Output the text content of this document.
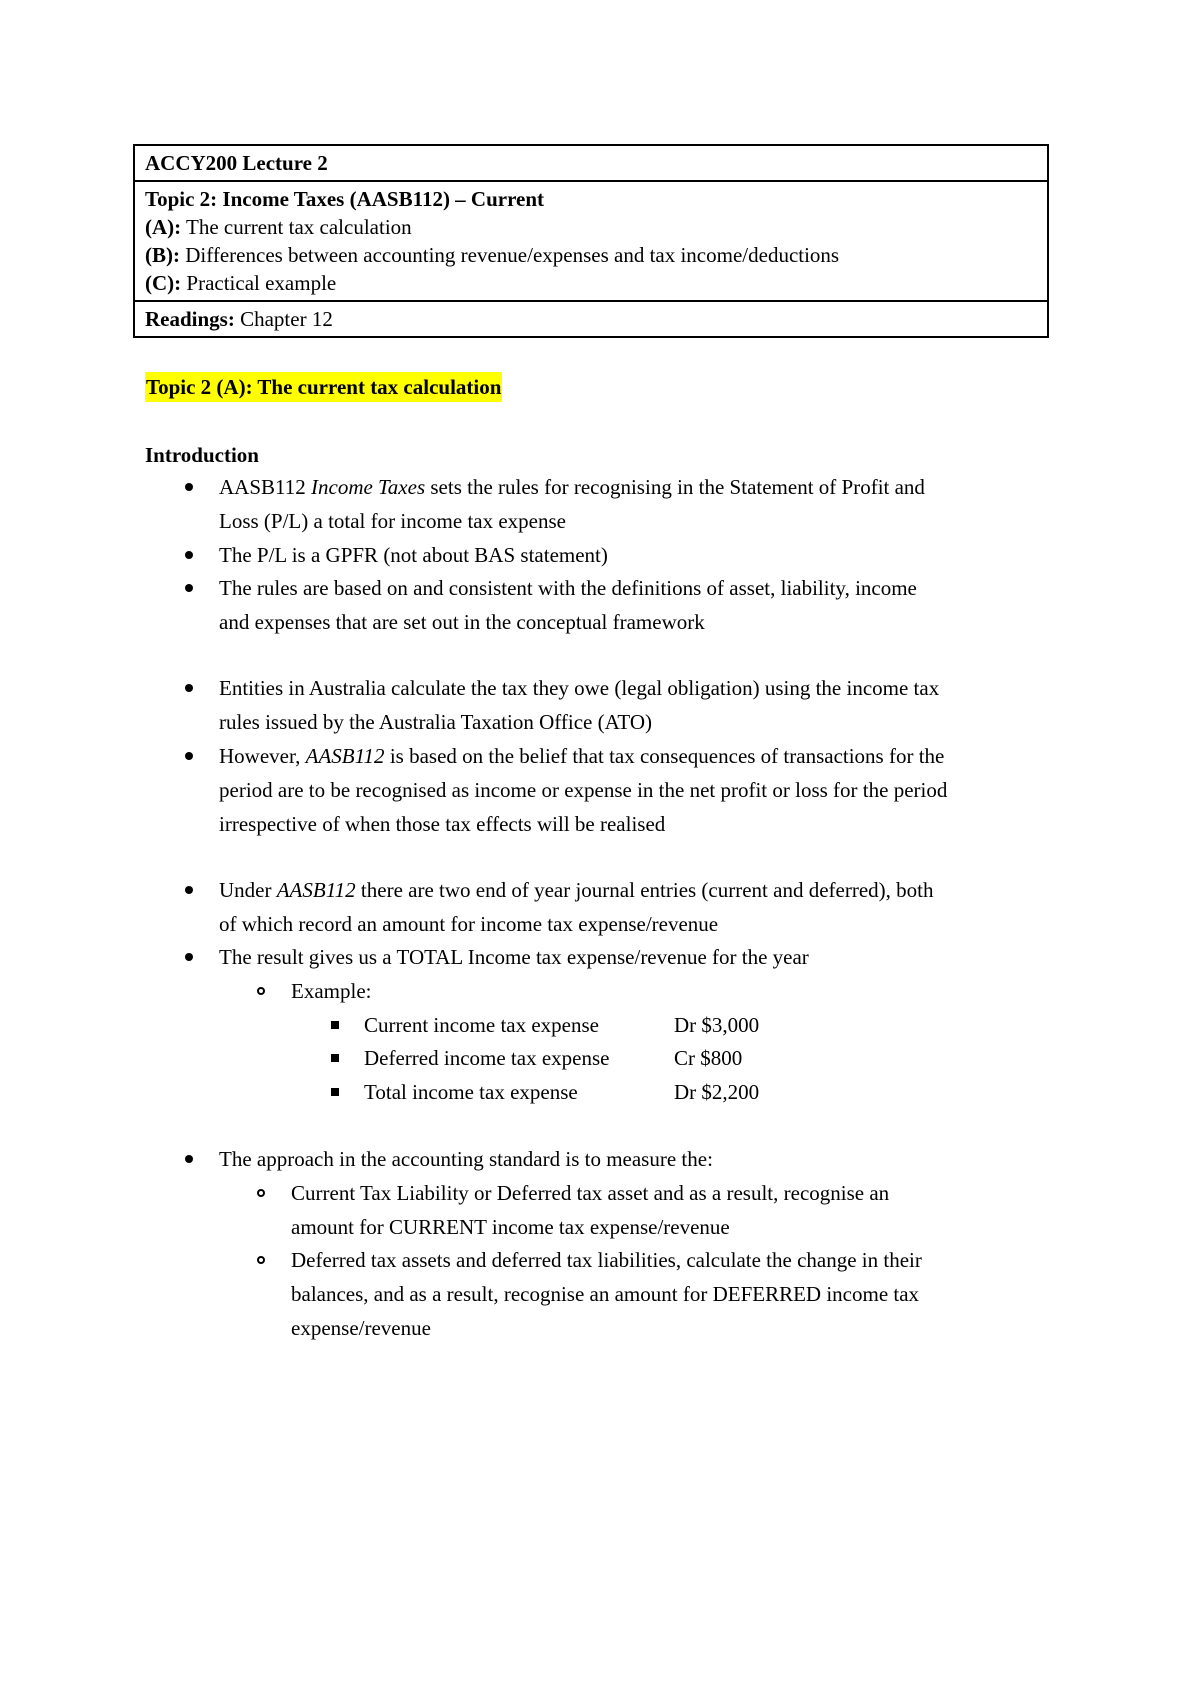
ACCY200 Lecture 2
Topic 2: Income Taxes (AASB112) – Current
(A): The current tax calculation
(B): Differences between accounting revenue/expenses and tax income/deductions
(C): Practical example
Readings: Chapter 12
Topic 2 (A): The current tax calculation
Introduction
AASB112 Income Taxes sets the rules for recognising in the Statement of Profit and
Loss (P/L) a total for income tax expense
The P/L is a GPFR (not about BAS statement)
The rules are based on and consistent with the definitions of asset, liability, income
and expenses that are set out in the conceptual framework
Entities in Australia calculate the tax they owe (legal obligation) using the income tax
rules issued by the Australia Taxation Office (ATO)
However, AASB112 is based on the belief that tax consequences of transactions for the
period are to be recognised as income or expense in the net profit or loss for the period
irrespective of when those tax effects will be realised
Under AASB112 there are two end of year journal entries (current and deferred), both
of which record an amount for income tax expense/revenue
The result gives us a TOTAL Income tax expense/revenue for the year
Example:
Current income tax expense	Dr $3,000
Deferred income tax expense	Cr $800
Total income tax expense	Dr $2,200
The approach in the accounting standard is to measure the:
Current Tax Liability or Deferred tax asset and as a result, recognise an
amount for CURRENT income tax expense/revenue
Deferred tax assets and deferred tax liabilities, calculate the change in their
balances, and as a result, recognise an amount for DEFERRED income tax
expense/revenue
